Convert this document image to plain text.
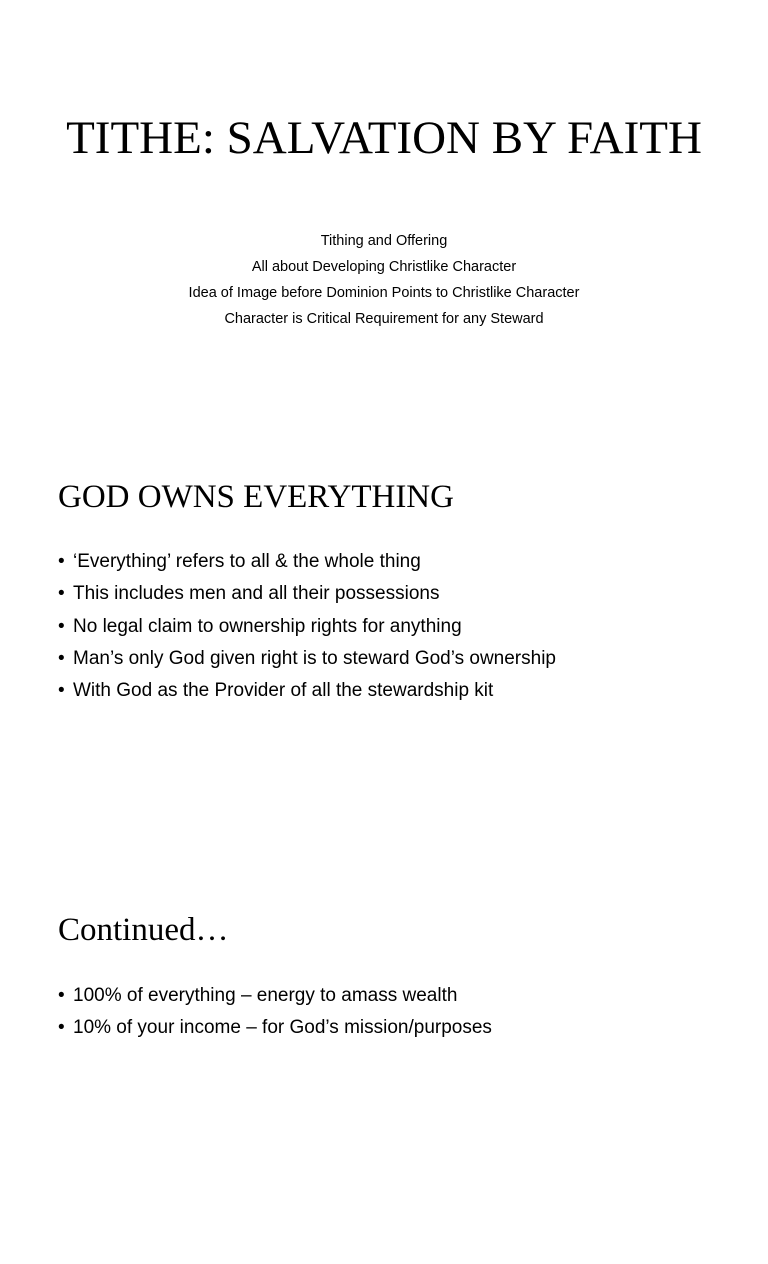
TITHE: SALVATION BY FAITH
Tithing and Offering
All about Developing Christlike Character
Idea of Image before Dominion Points to Christlike Character
Character is Critical Requirement for any Steward
GOD OWNS EVERYTHING
• ‘Everything’ refers to all & the whole thing
• This includes men and all their possessions
• No legal claim to ownership rights for anything
• Man’s only God given right is to steward God’s ownership
• With God as the Provider of all the stewardship kit
Continued…
• 100% of everything – energy to amass wealth
• 10% of your income – for God’s mission/purposes
